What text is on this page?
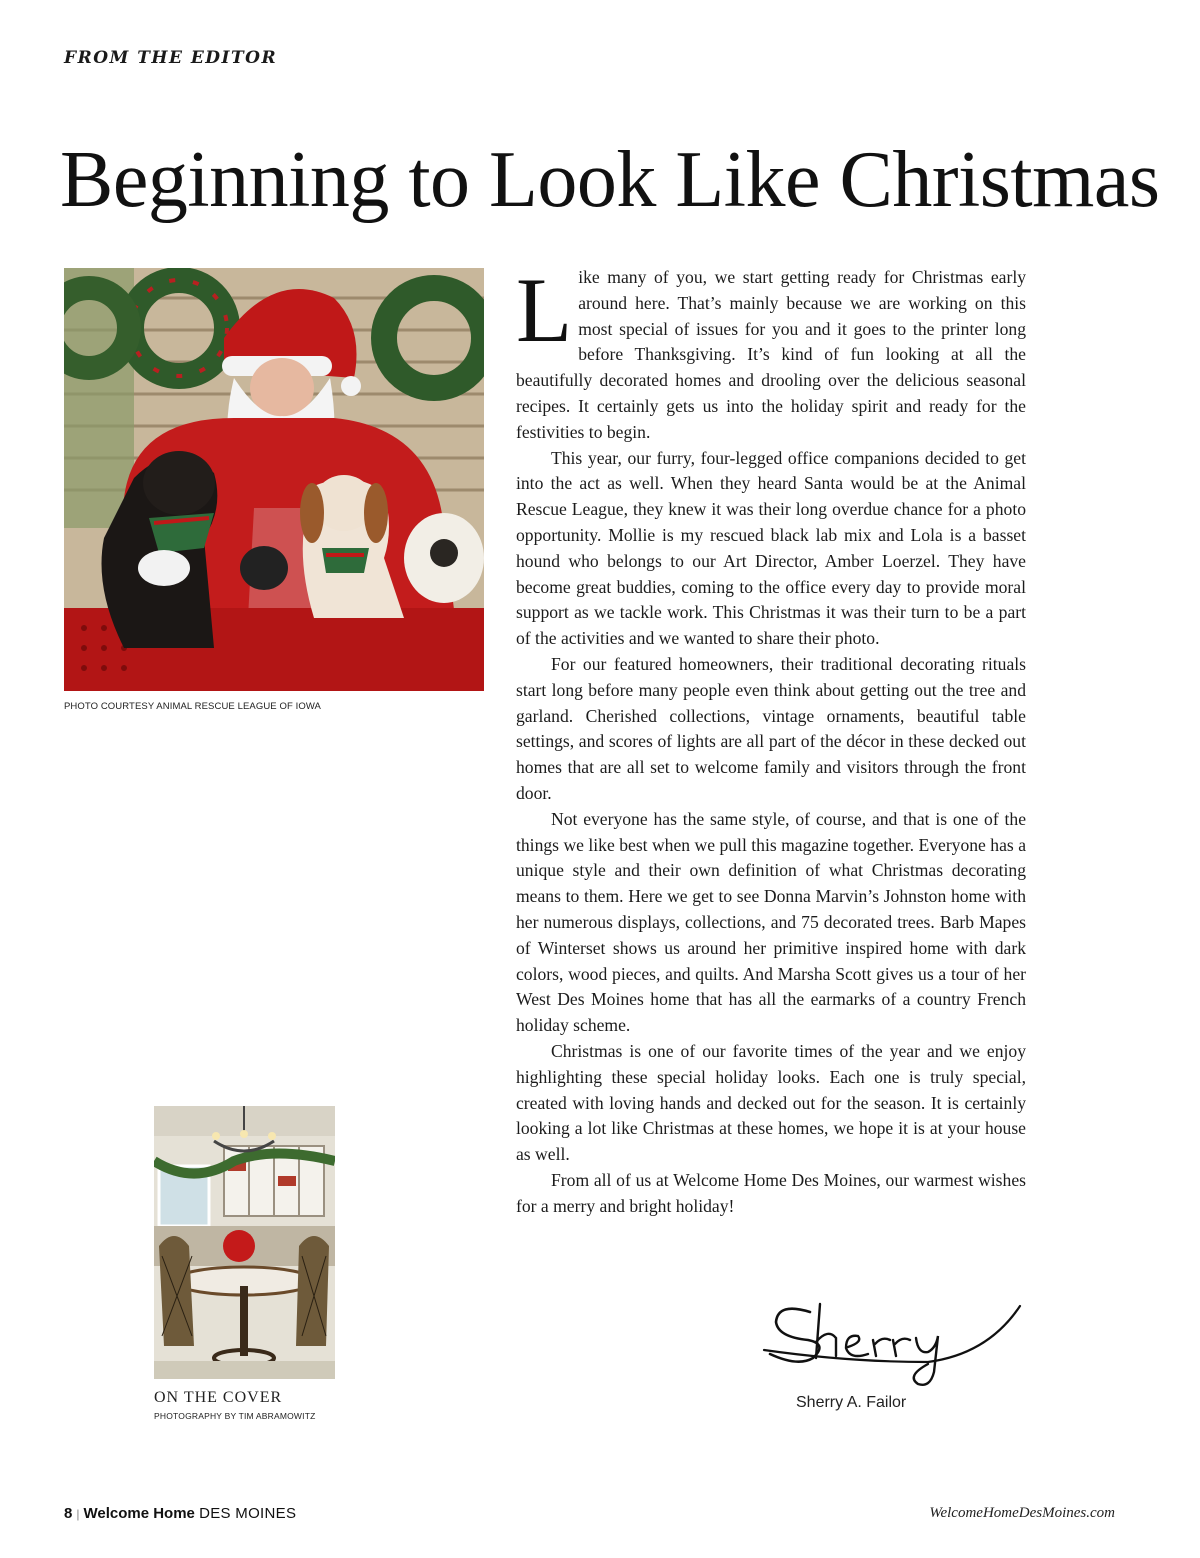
FROM THE EDITOR
Beginning to Look Like Christmas
PHOTO COURTESY ANIMAL RESCUE LEAGUE OF IOWA
ON THE COVER
PHOTOGRAPHY BY TIM ABRAMOWITZ

Like many of you, we start getting ready for Christmas early around here. That’s mainly because we are working on this most special of issues for you and it goes to the printer long before Thanksgiving. It’s kind of fun looking at all the beautifully decorated homes and drooling over the delicious seasonal recipes. It certainly gets us into the holiday spirit and ready for the festivities to begin.

This year, our furry, four-legged office companions decided to get into the act as well. When they heard Santa would be at the Animal Rescue League, they knew it was their long overdue chance for a photo opportunity. Mollie is my rescued black lab mix and Lola is a basset hound who belongs to our Art Director, Amber Loerzel. They have become great buddies, coming to the office every day to provide moral support as we tackle work. This Christmas it was their turn to be a part of the activities and we wanted to share their photo.

For our featured homeowners, their traditional decorating rituals start long before many people even think about getting out the tree and garland. Cherished collections, vintage ornaments, beautiful table settings, and scores of lights are all part of the décor in these decked out homes that are all set to welcome family and visitors through the front door.

Not everyone has the same style, of course, and that is one of the things we like best when we pull this magazine together. Everyone has a unique style and their own definition of what Christmas decorating means to them. Here we get to see Donna Marvin’s Johnston home with her numerous displays, collections, and 75 decorated trees. Barb Mapes of Winterset shows us around her primitive inspired home with dark colors, wood pieces, and quilts. And Marsha Scott gives us a tour of her West Des Moines home that has all the earmarks of a country French holiday scheme.

Christmas is one of our favorite times of the year and we enjoy highlighting these special holiday looks. Each one is truly special, created with loving hands and decked out for the season. It is certainly looking a lot like Christmas at these homes, we hope it is at your house as well.

From all of us at Welcome Home Des Moines, our warmest wishes for a merry and bright holiday!

Sherry A. Failor
8 | Welcome Home DES MOINES	WelcomeHomeDesMoines.com
